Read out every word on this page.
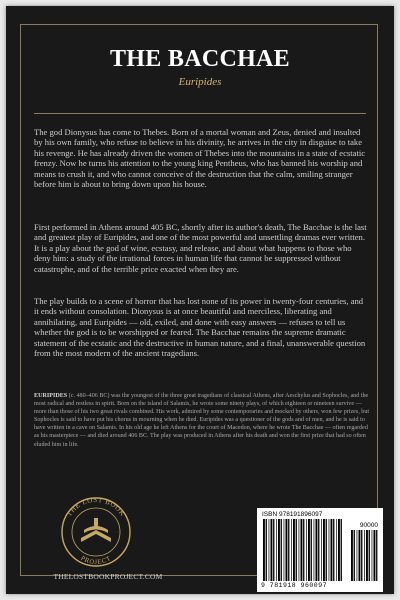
THE BACCHAE
Euripides

The god Dionysus has come to Thebes. Born of a mortal woman and Zeus, denied and insulted by his own family, who refuse to believe in his divinity, he arrives in the city in disguise to take his revenge. He has already driven the women of Thebes into the mountains in a state of ecstatic frenzy. Now he turns his attention to the young king Pentheus, who has banned his worship and means to crush it, and who cannot conceive of the destruction that the calm, smiling stranger before him is about to bring down upon his house.

First performed in Athens around 405 BC, shortly after its author's death, The Bacchae is the last and greatest play of Euripides, and one of the most powerful and unsettling dramas ever written. It is a play about the god of wine, ecstasy, and release, and about what happens to those who deny him: a study of the irrational forces in human life that cannot be suppressed without catastrophe, and of the terrible price exacted when they are.

The play builds to a scene of horror that has lost none of its power in twenty-four centuries, and it ends without consolation. Dionysus is at once beautiful and merciless, liberating and annihilating, and Euripides — old, exiled, and done with easy answers — refuses to tell us whether the god is to be worshipped or feared. The Bacchae remains the supreme dramatic statement of the ecstatic and the destructive in human nature, and a final, unanswerable question from the most modern of the ancient tragedians.

EURIPIDES (c. 480–406 BC) was the youngest of the three great tragedians of classical Athens, after Aeschylus and Sophocles, and the most radical and restless in spirit. Born on the island of Salamis, he wrote some ninety plays, of which eighteen or nineteen survive — more than those of his two great rivals combined. His work, admired by some contemporaries and mocked by others, won few prizes, but Sophocles is said to have put his chorus in mourning when he died. Euripides was a questioner of the gods and of men, and he is said to have written in a cave on Salamis. In his old age he left Athens for the court of Macedon, where he wrote The Bacchae — often regarded as his masterpiece — and died around 406 BC. The play was produced in Athens after his death and won the first prize that had so often eluded him in life.

THE LOST BOOK
PROJECT
THELOSTBOOKPROJECT.COM
ISBN 978191896097
90000
9 781918 960097
